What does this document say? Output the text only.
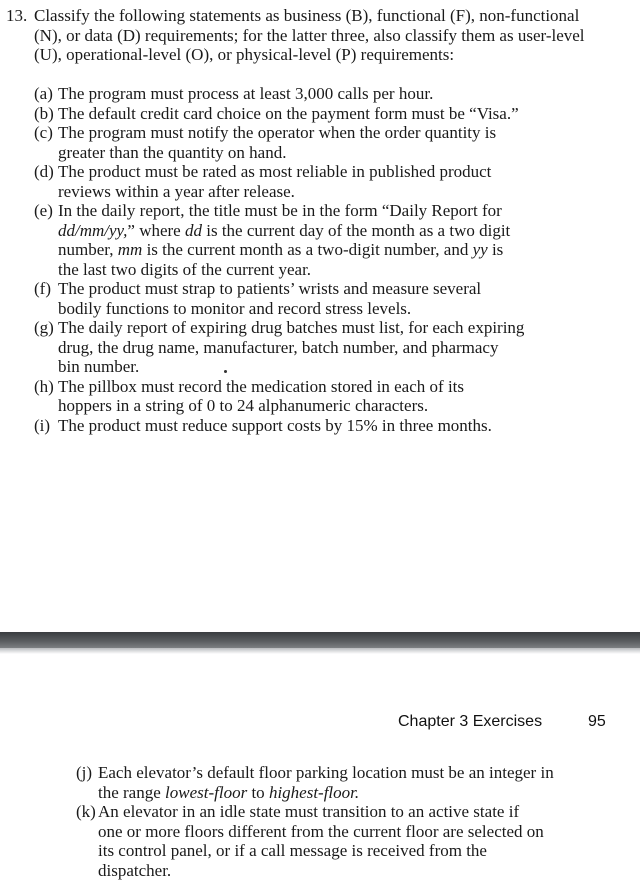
13. Classify the following statements as business (B), functional (F), non-functional (N), or data (D) requirements; for the latter three, also classify them as user-level (U), operational-level (O), or physical-level (P) requirements:
(a) The program must process at least 3,000 calls per hour.
(b) The default credit card choice on the payment form must be “Visa.”
(c) The program must notify the operator when the order quantity is
greater than the quantity on hand.
(d) The product must be rated as most reliable in published product
reviews within a year after release.
(e) In the daily report, the title must be in the form “Daily Report for
dd/mm/yy,” where dd is the current day of the month as a two digit
number, mm is the current month as a two-digit number, and yy is
the last two digits of the current year.
(f) The product must strap to patients’ wrists and measure several
bodily functions to monitor and record stress levels.
(g) The daily report of expiring drug batches must list, for each expiring
drug, the drug name, manufacturer, batch number, and pharmacy
bin number.
(h) The pillbox must record the medication stored in each of its
hoppers in a string of 0 to 24 alphanumeric characters.
(i) The product must reduce support costs by 15% in three months.
Chapter 3 Exercises	95
(j) Each elevator’s default floor parking location must be an integer in
the range lowest-floor to highest-floor.
(k) An elevator in an idle state must transition to an active state if
one or more floors different from the current floor are selected on
its control panel, or if a call message is received from the
dispatcher.
